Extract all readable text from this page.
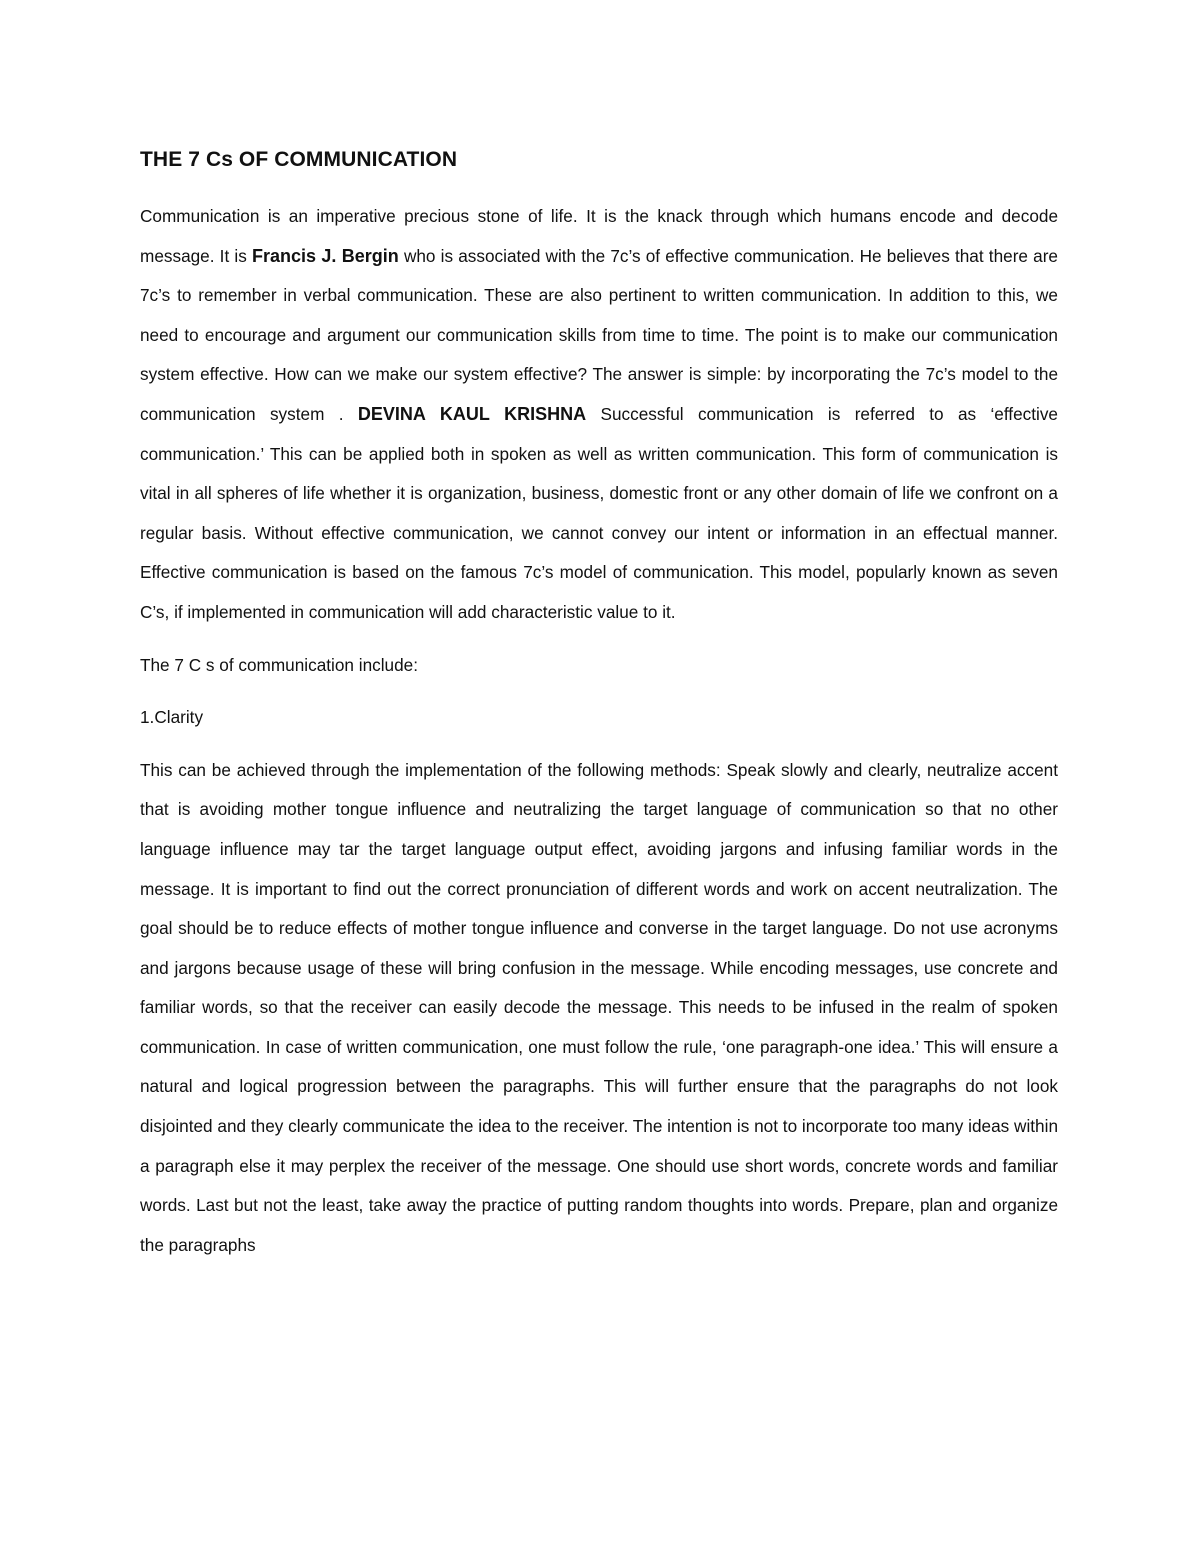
THE 7 Cs OF COMMUNICATION

Communication is an imperative precious stone of life. It is the knack through which humans encode and decode message. It is Francis J. Bergin who is associated with the 7c’s of effective communication. He believes that there are 7c’s to remember in verbal communication. These are also pertinent to written communication. In addition to this, we need to encourage and argument our communication skills from time to time. The point is to make our communication system effective. How can we make our system effective? The answer is simple: by incorporating the 7c’s model to the communication system . DEVINA KAUL KRISHNA Successful communication is referred to as ‘effective communication.’ This can be applied both in spoken as well as written communication. This form of communication is vital in all spheres of life whether it is organization, business, domestic front or any other domain of life we confront on a regular basis. Without effective communication, we cannot convey our intent or information in an effectual manner. Effective communication is based on the famous 7c’s model of communication. This model, popularly known as seven C’s, if implemented in communication will add characteristic value to it.

The 7 C s of communication include:

1.Clarity

This can be achieved through the implementation of the following methods: Speak slowly and clearly, neutralize accent that is avoiding mother tongue influence and neutralizing the target language of communication so that no other language influence may tar the target language output effect, avoiding jargons and infusing familiar words in the message. It is important to find out the correct pronunciation of different words and work on accent neutralization. The goal should be to reduce effects of mother tongue influence and converse in the target language. Do not use acronyms and jargons because usage of these will bring confusion in the message. While encoding messages, use concrete and familiar words, so that the receiver can easily decode the message. This needs to be infused in the realm of spoken communication. In case of written communication, one must follow the rule, ‘one paragraph-one idea.’ This will ensure a natural and logical progression between the paragraphs. This will further ensure that the paragraphs do not look disjointed and they clearly communicate the idea to the receiver. The intention is not to incorporate too many ideas within a paragraph else it may perplex the receiver of the message. One should use short words, concrete words and familiar words. Last but not the least, take away the practice of putting random thoughts into words. Prepare, plan and organize the paragraphs
